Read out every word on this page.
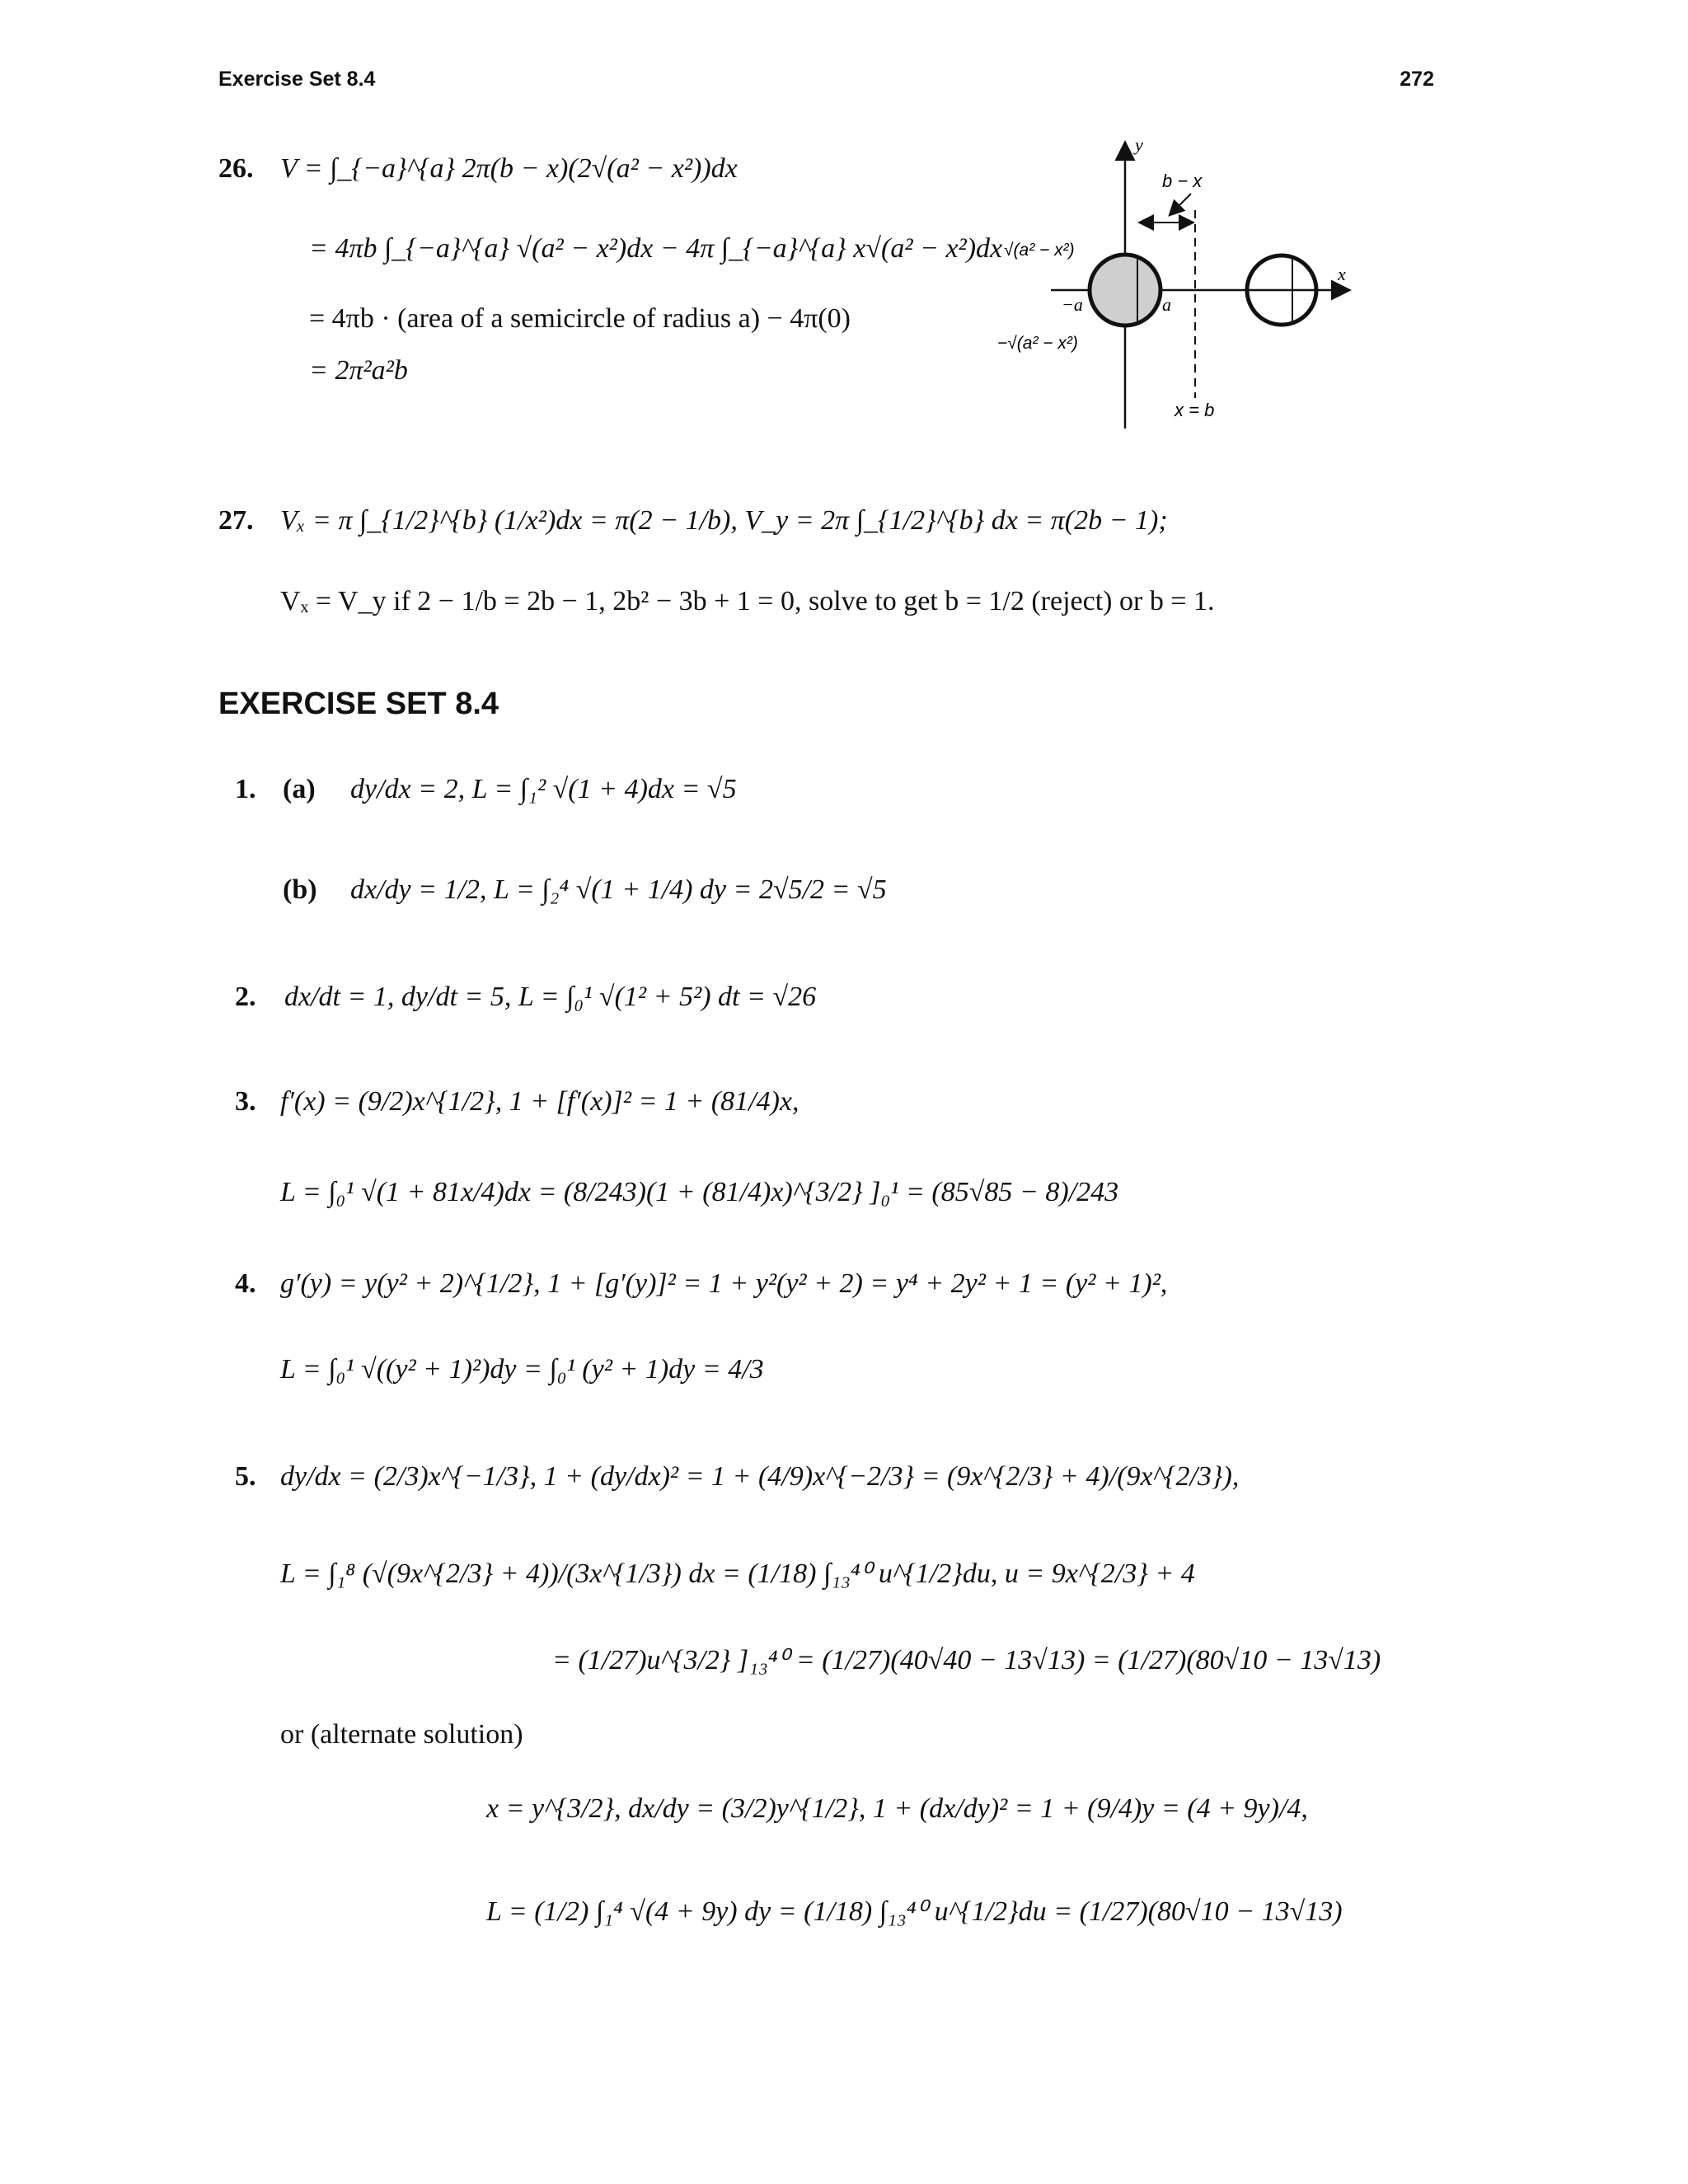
Exercise Set 8.4	272
26. V = ∫_{−a}^{a} 2π(b − x)(2√(a² − x²))dx
= 4πb ∫_{−a}^{a} √(a² − x²)dx − 4π ∫_{−a}^{a} x√(a² − x²)dx
= 4πb · (area of a semicircle of radius a) − 4π(0)
= 2π²a²b
y
x
b − x
√(a² − x²)
−√(a² − x²)
−a	a
x = b
27. Vₓ = π ∫_{1/2}^{b} (1/x²)dx = π(2 − 1/b), V_y = 2π ∫_{1/2}^{b} dx = π(2b − 1);
Vₓ = V_y if 2 − 1/b = 2b − 1, 2b² − 3b + 1 = 0, solve to get b = 1/2 (reject) or b = 1.
EXERCISE SET 8.4
1. (a) dy/dx = 2, L = ∫₁² √(1 + 4)dx = √5
(b) dx/dy = 1/2, L = ∫₂⁴ √(1 + 1/4) dy = 2√5/2 = √5
2. dx/dt = 1, dy/dt = 5, L = ∫₀¹ √(1² + 5²) dt = √26
3. f′(x) = (9/2)x^{1/2}, 1 + [f′(x)]² = 1 + (81/4)x,
L = ∫₀¹ √(1 + 81x/4)dx = (8/243)(1 + (81/4)x)^{3/2} ]₀¹ = (85√85 − 8)/243
4. g′(y) = y(y² + 2)^{1/2}, 1 + [g′(y)]² = 1 + y²(y² + 2) = y⁴ + 2y² + 1 = (y² + 1)²,
L = ∫₀¹ √((y² + 1)²)dy = ∫₀¹ (y² + 1)dy = 4/3
5. dy/dx = (2/3)x^{−1/3}, 1 + (dy/dx)² = 1 + (4/9)x^{−2/3} = (9x^{2/3} + 4)/(9x^{2/3}),
L = ∫₁⁸ (√(9x^{2/3} + 4))/(3x^{1/3}) dx = (1/18) ∫₁₃⁴⁰ u^{1/2}du, u = 9x^{2/3} + 4
= (1/27)u^{3/2} ]₁₃⁴⁰ = (1/27)(40√40 − 13√13) = (1/27)(80√10 − 13√13)
or (alternate solution)
x = y^{3/2}, dx/dy = (3/2)y^{1/2}, 1 + (dx/dy)² = 1 + (9/4)y = (4 + 9y)/4,
L = (1/2) ∫₁⁴ √(4 + 9y) dy = (1/18) ∫₁₃⁴⁰ u^{1/2}du = (1/27)(80√10 − 13√13)
